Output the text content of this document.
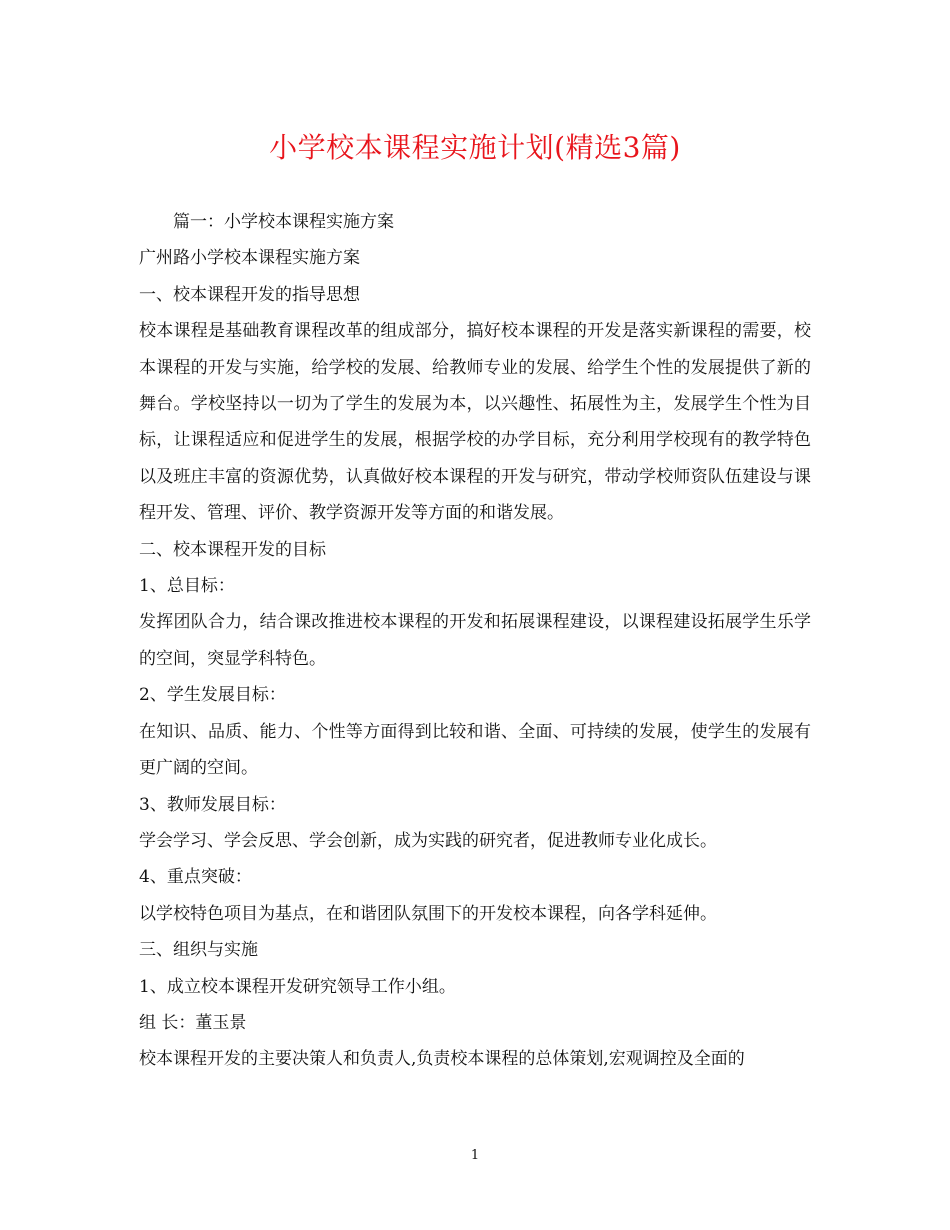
小学校本课程实施计划(精选3篇)

篇一：小学校本课程实施方案

广州路小学校本课程实施方案

一、校本课程开发的指导思想

校本课程是基础教育课程改革的组成部分，搞好校本课程的开发是落实新课程的需要，校本课程的开发与实施，给学校的发展、给教师专业的发展、给学生个性的发展提供了新的舞台。学校坚持以一切为了学生的发展为本，以兴趣性、拓展性为主，发展学生个性为目标，让课程适应和促进学生的发展，根据学校的办学目标，充分利用学校现有的教学特色以及班庄丰富的资源优势，认真做好校本课程的开发与研究，带动学校师资队伍建设与课程开发、管理、评价、教学资源开发等方面的和谐发展。

二、校本课程开发的目标

1、总目标：

发挥团队合力，结合课改推进校本课程的开发和拓展课程建设，以课程建设拓展学生乐学的空间，突显学科特色。

2、学生发展目标：

在知识、品质、能力、个性等方面得到比较和谐、全面、可持续的发展，使学生的发展有更广阔的空间。

3、教师发展目标：

学会学习、学会反思、学会创新，成为实践的研究者，促进教师专业化成长。

4、重点突破：

以学校特色项目为基点，在和谐团队氛围下的开发校本课程，向各学科延伸。

三、组织与实施

1、成立校本课程开发研究领导工作小组。

组 长：董玉景

校本课程开发的主要决策人和负责人,负责校本课程的总体策划,宏观调控及全面的

1
